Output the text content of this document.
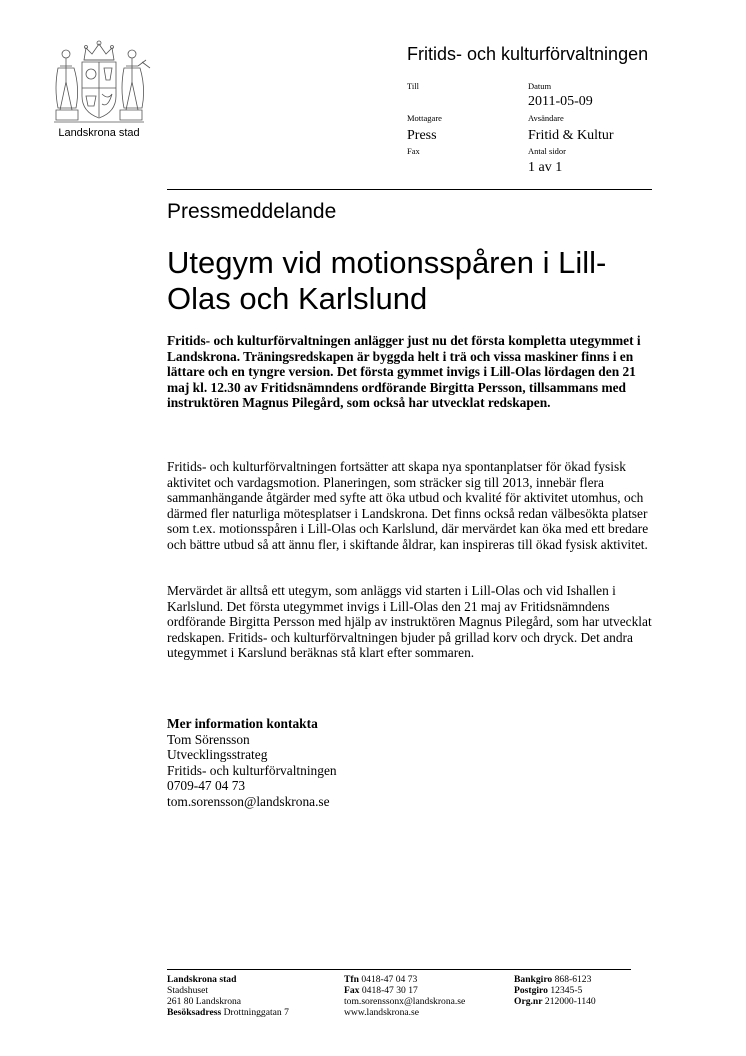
Landskrona stad
Fritids- och kulturförvaltningen
Till	Datum
2011-05-09
Mottagare
Press
Avsändare
Fritid & Kultur
Fax	Antal sidor
1 av 1
Pressmeddelande
Utegym vid motionsspåren i Lill-Olas och Karlslund
Fritids- och kulturförvaltningen anlägger just nu det första kompletta utegymmet i Landskrona. Träningsredskapen är byggda helt i trä och vissa maskiner finns i en lättare och en tyngre version. Det första gymmet invigs i Lill-Olas lördagen den 21 maj kl. 12.30 av Fritidsnämndens ordförande Birgitta Persson, tillsammans med instruktören Magnus Pilegård, som också har utvecklat redskapen.
Fritids- och kulturförvaltningen fortsätter att skapa nya spontanplatser för ökad fysisk aktivitet och vardagsmotion. Planeringen, som sträcker sig till 2013, innebär flera sammanhängande åtgärder med syfte att öka utbud och kvalité för aktivitet utomhus, och därmed fler naturliga mötesplatser i Landskrona. Det finns också redan välbesökta platser som t.ex. motionsspåren i Lill-Olas och Karlslund, där mervärdet kan öka med ett bredare och bättre utbud så att ännu fler, i skiftande åldrar, kan inspireras till ökad fysisk aktivitet.
Mervärdet är alltså ett utegym, som anläggs vid starten i Lill-Olas och vid Ishallen i Karlslund. Det första utegymmet invigs i Lill-Olas den 21 maj av Fritidsnämndens ordförande Birgitta Persson med hjälp av instruktören Magnus Pilegård, som har utvecklat redskapen. Fritids- och kulturförvaltningen bjuder på grillad korv och dryck. Det andra utegymmet i Karslund beräknas stå klart efter sommaren.
Mer information kontakta
Tom Sörensson
Utvecklingsstrateg
Fritids- och kulturförvaltningen
0709-47 04 73
tom.sorensson@landskrona.se
Landskrona stad
Stadshuset
261 80 Landskrona
Besöksadress Drottninggatan 7
Tfn 0418-47 04 73
Fax 0418-47 30 17
tom.sorenssonx@landskrona.se
www.landskrona.se
Bankgiro 868-6123
Postgiro 12345-5
Org.nr 212000-1140
